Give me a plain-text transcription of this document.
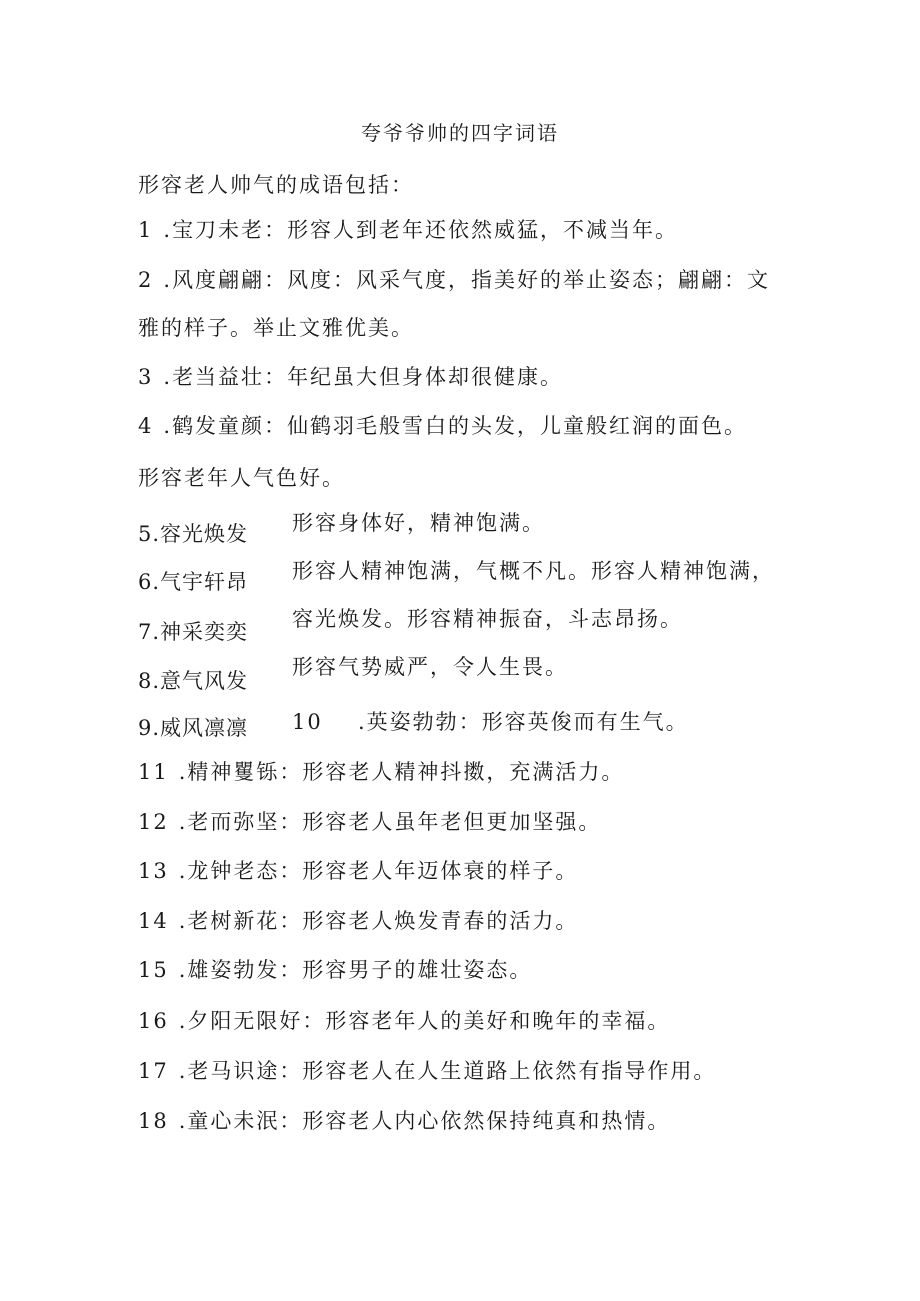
夸爷爷帅的四字词语
形容老人帅气的成语包括：
1 .宝刀未老：形容人到老年还依然威猛，不减当年。
2 .风度翩翩：风度：风采气度，指美好的举止姿态；翩翩：文
雅的样子。举止文雅优美。
3 .老当益壮：年纪虽大但身体却很健康。
4 .鹤发童颜：仙鹤羽毛般雪白的头发，儿童般红润的面色。
形容老年人气色好。
5.容光焕发
6.气宇轩昂
7.神采奕奕
8.意气风发
9.威风凛凛
形容身体好，精神饱满。
形容人精神饱满，气概不凡。形容人精神饱满，
容光焕发。形容精神振奋，斗志昂扬。
形容气势威严，令人生畏。
10 .英姿勃勃：形容英俊而有生气。
11 .精神矍铄：形容老人精神抖擞，充满活力。
12 .老而弥坚：形容老人虽年老但更加坚强。
13 .龙钟老态：形容老人年迈体衰的样子。
14 .老树新花：形容老人焕发青春的活力。
15 .雄姿勃发：形容男子的雄壮姿态。
16 .夕阳无限好：形容老年人的美好和晚年的幸福。
17 .老马识途：形容老人在人生道路上依然有指导作用。
18 .童心未泯：形容老人内心依然保持纯真和热情。
